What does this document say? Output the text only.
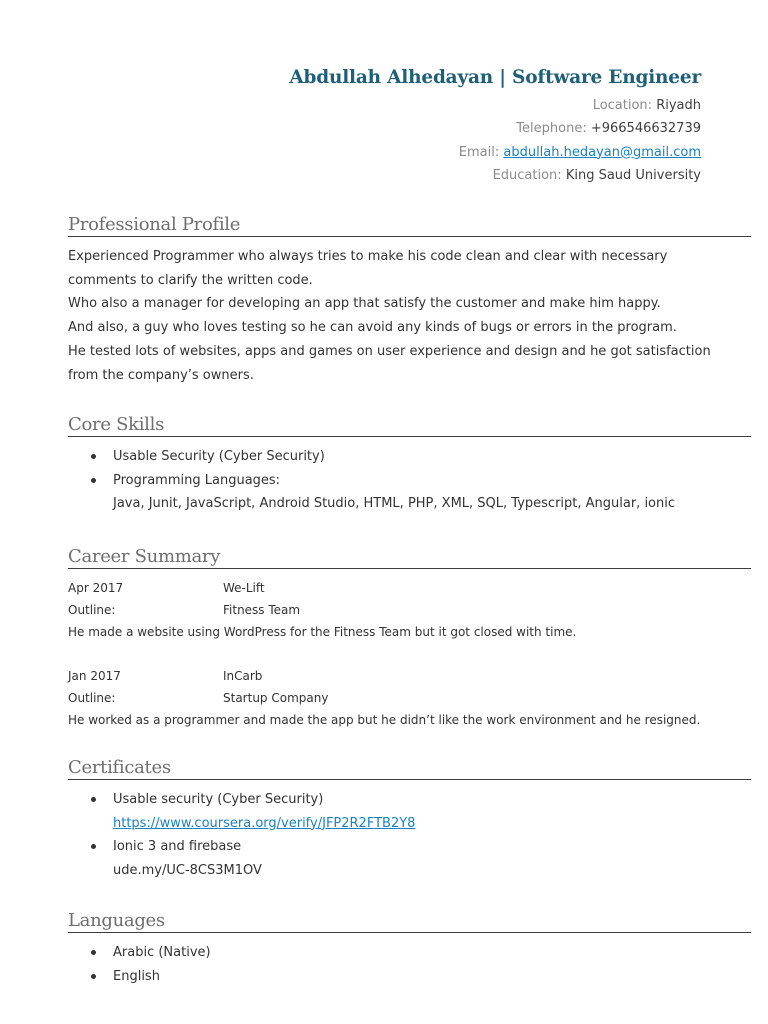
Abdullah Alhedayan | Software Engineer
Location: Riyadh
Telephone: +966546632739
Email: abdullah.hedayan@gmail.com
Education: King Saud University
Professional Profile
Experienced Programmer who always tries to make his code clean and clear with necessary
comments to clarify the written code.
Who also a manager for developing an app that satisfy the customer and make him happy.
And also, a guy who loves testing so he can avoid any kinds of bugs or errors in the program.
He tested lots of websites, apps and games on user experience and design and he got satisfaction
from the company’s owners.
Core Skills
Usable Security (Cyber Security)
Programming Languages:
Java, Junit, JavaScript, Android Studio, HTML, PHP, XML, SQL, Typescript, Angular, ionic
Career Summary
Apr 2017	We-Lift
Outline:	Fitness Team
He made a website using WordPress for the Fitness Team but it got closed with time.
Jan 2017	InCarb
Outline:	Startup Company
He worked as a programmer and made the app but he didn’t like the work environment and he resigned.
Certificates
Usable security (Cyber Security)
https://www.coursera.org/verify/JFP2R2FTB2Y8
Ionic 3 and firebase
ude.my/UC-8CS3M1OV
Languages
Arabic (Native)
English
